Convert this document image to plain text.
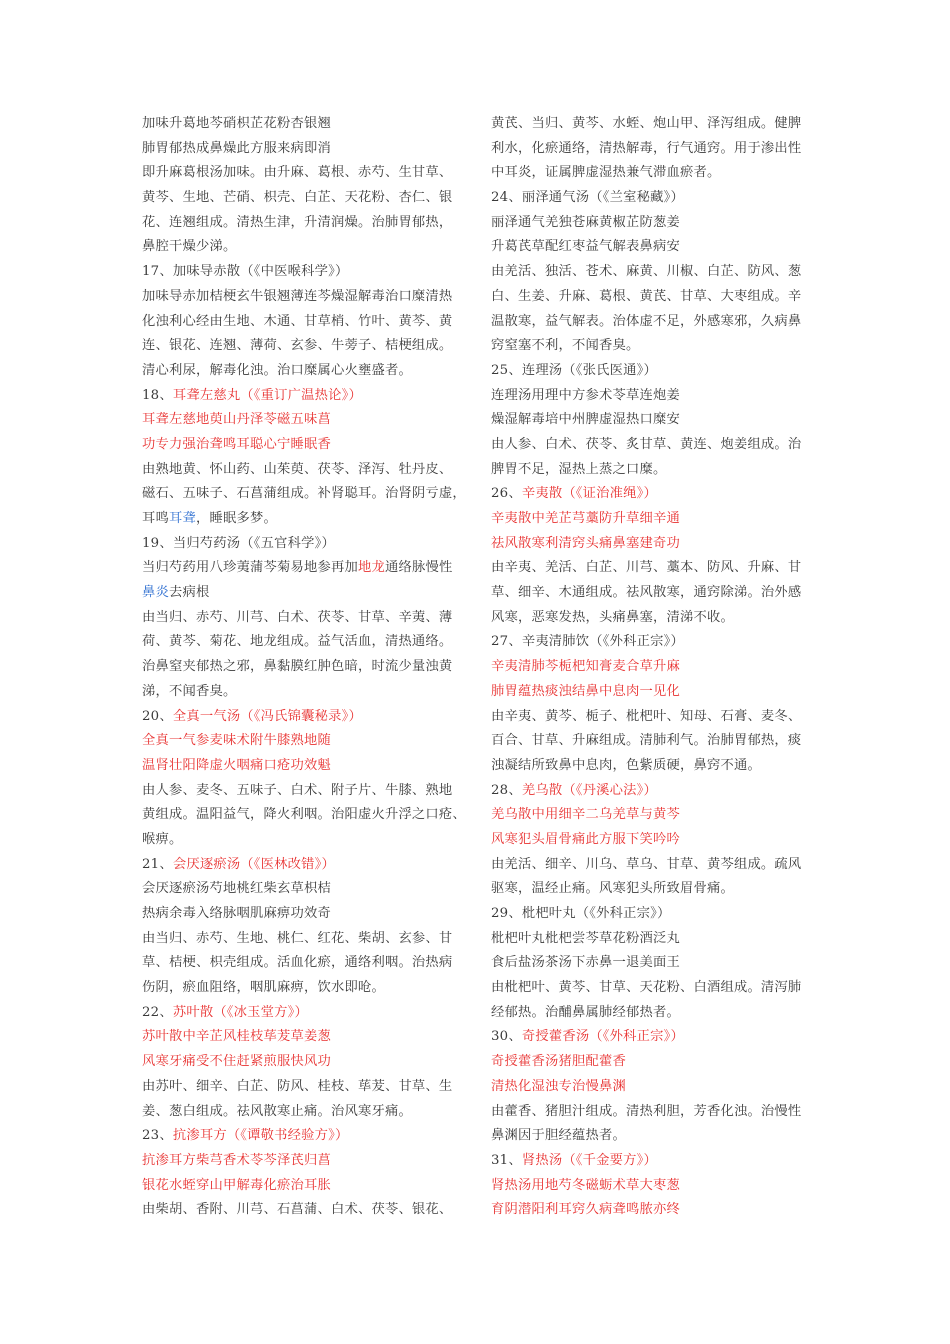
加味升葛地芩硝枳芷花粉杏银翘
肺胃郁热成鼻燥此方服来病即消
即升麻葛根汤加味。由升麻、葛根、赤芍、生甘草、
黄芩、生地、芒硝、枳壳、白芷、天花粉、杏仁、银
花、连翘组成。清热生津，升清润燥。治肺胃郁热，
鼻腔干燥少涕。
17、加味导赤散（《中医喉科学》）
加味导赤加桔梗玄牛银翘薄连芩燥湿解毒治口糜清热
化浊利心经由生地、木通、甘草梢、竹叶、黄芩、黄
连、银花、连翘、薄荷、玄参、牛蒡子、桔梗组成。
清心利尿，解毒化浊。治口糜属心火壅盛者。
18、耳聋左慈丸（《重订广温热论》）
耳聋左慈地萸山丹泽苓磁五味菖
功专力强治聋鸣耳聪心宁睡眠香
由熟地黄、怀山药、山茱萸、茯苓、泽泻、牡丹皮、
磁石、五味子、石菖蒲组成。补肾聪耳。治肾阴亏虚，
耳鸣耳聋，睡眠多梦。
19、当归芍药汤（《五官科学》）
当归芍药用八珍荑蒲芩菊易地参再加地龙通络脉慢性
鼻炎去病根
由当归、赤芍、川芎、白术、茯苓、甘草、辛荑、薄
荷、黄芩、菊花、地龙组成。益气活血，清热通络。
治鼻窒夹郁热之邪，鼻黏膜红肿色暗，时流少量浊黄
涕，不闻香臭。
20、全真一气汤（《冯氏锦囊秘录》）
全真一气参麦味术附牛膝熟地随
温肾壮阳降虚火咽痛口疮功效魁
由人参、麦冬、五味子、白术、附子片、牛膝、熟地
黄组成。温阳益气，降火利咽。治阳虚火升浮之口疮、
喉痹。
21、会厌逐瘀汤（《医林改错》）
会厌逐瘀汤芍地桃红柴玄草枳桔
热病余毒入络脉咽肌麻痹功效奇
由当归、赤芍、生地、桃仁、红花、柴胡、玄参、甘
草、桔梗、枳壳组成。活血化瘀，通络利咽。治热病
伤阴，瘀血阻络，咽肌麻痹，饮水即呛。
22、苏叶散（《冰玉堂方》）
苏叶散中辛芷风桂枝荜茇草姜葱
风寒牙痛受不住赶紧煎服快风功
由苏叶、细辛、白芷、防风、桂枝、荜茇、甘草、生
姜、葱白组成。祛风散寒止痛。治风寒牙痛。
23、抗渗耳方（《谭敬书经验方》）
抗渗耳方柴芎香术苓芩泽芪归菖
银花水蛭穿山甲解毒化瘀治耳胀
由柴胡、香附、川芎、石菖蒲、白术、茯苓、银花、
黄芪、当归、黄芩、水蛭、炮山甲、泽泻组成。健脾
利水，化瘀通络，清热解毒，行气通窍。用于渗出性
中耳炎，证属脾虚湿热兼气滞血瘀者。
24、丽泽通气汤（《兰室秘藏》）
丽泽通气羌独苍麻黄椒芷防葱姜
升葛芪草配红枣益气解表鼻病安
由羌活、独活、苍术、麻黄、川椒、白芷、防风、葱
白、生姜、升麻、葛根、黄芪、甘草、大枣组成。辛
温散寒，益气解表。治体虚不足，外感寒邪，久病鼻
窍窒塞不利，不闻香臭。
25、连理汤（《张氏医通》）
连理汤用理中方参术苓草连炮姜
燥湿解毒培中州脾虚湿热口糜安
由人参、白术、茯苓、炙甘草、黄连、炮姜组成。治
脾胃不足，湿热上蒸之口糜。
26、辛夷散（《证治准绳》）
辛夷散中羌芷芎藁防升草细辛通
祛风散寒利清窍头痛鼻塞建奇功
由辛夷、羌活、白芷、川芎、藁本、防风、升麻、甘
草、细辛、木通组成。祛风散寒，通窍除涕。治外感
风寒，恶寒发热，头痛鼻塞，清涕不收。
27、辛夷清肺饮（《外科正宗》）
辛夷清肺芩栀杷知膏麦合草升麻
肺胃蕴热痰浊结鼻中息肉一见化
由辛夷、黄芩、栀子、枇杷叶、知母、石膏、麦冬、
百合、甘草、升麻组成。清肺利气。治肺胃郁热，痰
浊凝结所致鼻中息肉，色紫质硬，鼻窍不通。
28、羌乌散（《丹溪心法》）
羌乌散中用细辛二乌羌草与黄芩
风寒犯头眉骨痛此方服下笑吟吟
由羌活、细辛、川乌、草乌、甘草、黄芩组成。疏风
驱寒，温经止痛。风寒犯头所致眉骨痛。
29、枇杷叶丸（《外科正宗》）
枇杷叶丸枇杷尝芩草花粉酒泛丸
食后盐汤茶汤下赤鼻一退美面王
由枇杷叶、黄芩、甘草、天花粉、白酒组成。清泻肺
经郁热。治酺鼻属肺经郁热者。
30、奇授藿香汤（《外科正宗》）
奇授藿香汤猪胆配藿香
清热化湿浊专治慢鼻渊
由藿香、猪胆汁组成。清热利胆，芳香化浊。治慢性
鼻渊因于胆经蕴热者。
31、肾热汤（《千金要方》）
肾热汤用地芍冬磁蛎术草大枣葱
育阴潜阳利耳窍久病聋鸣脓亦终
